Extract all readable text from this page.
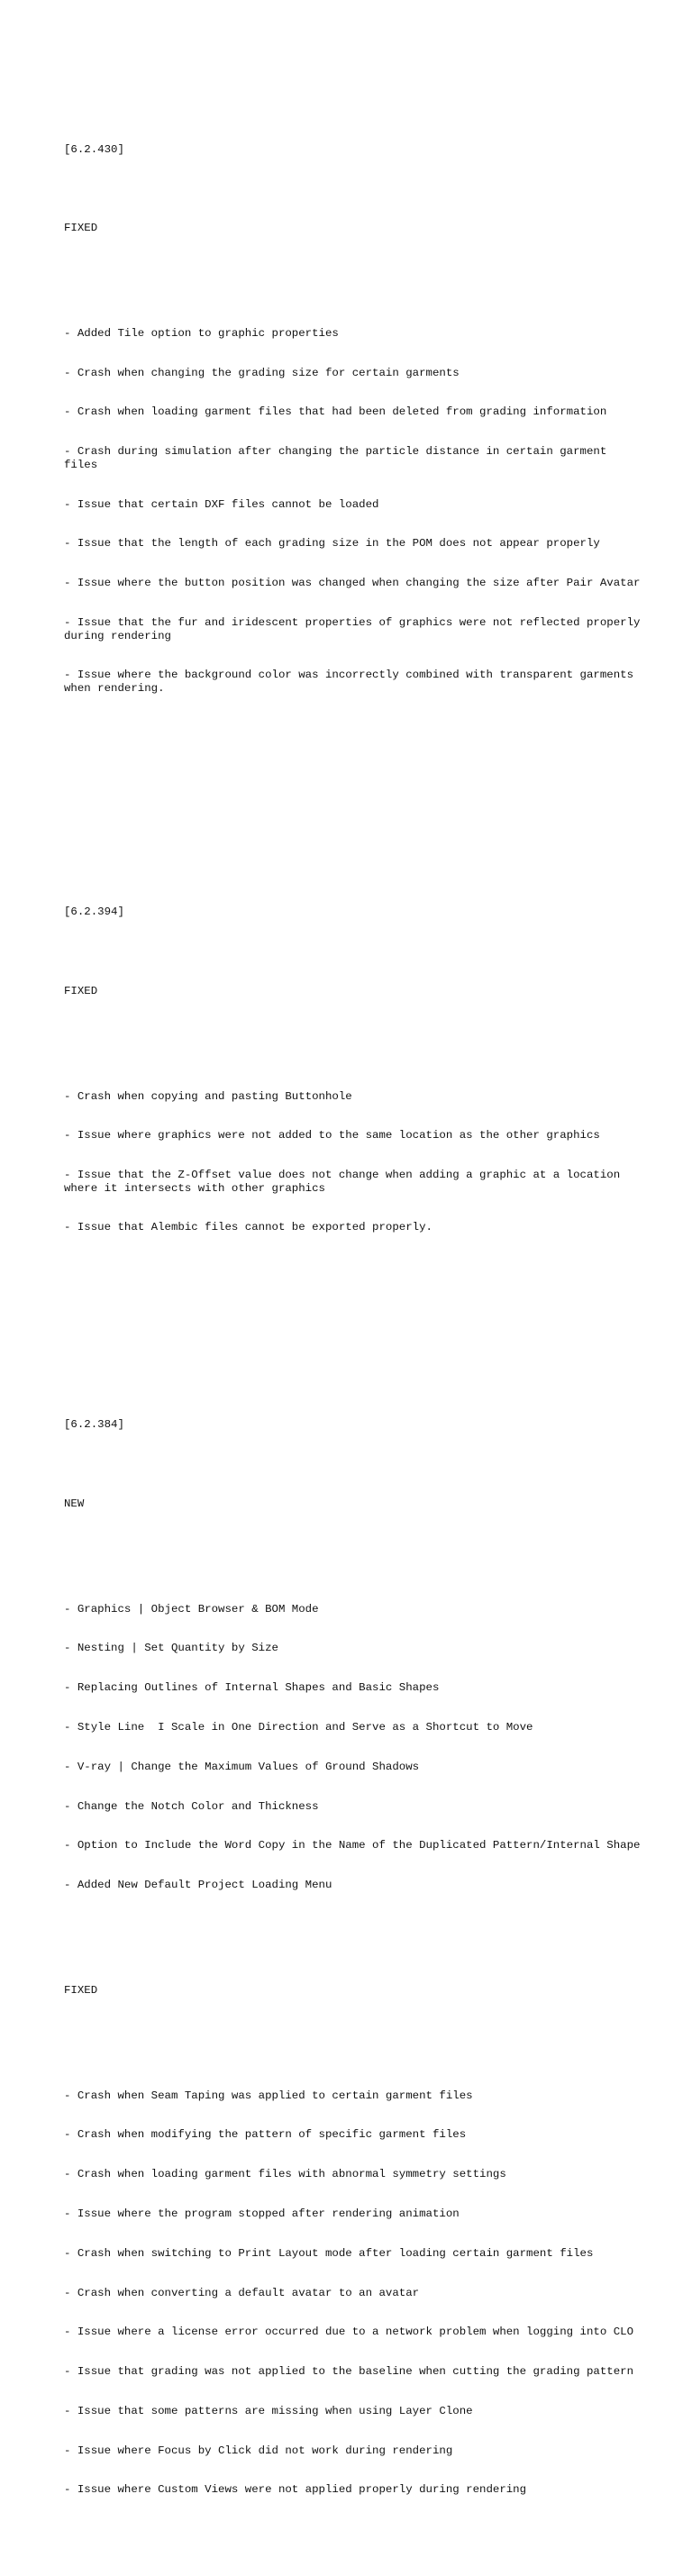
[6.2.430]

FIXED

- Added Tile option to graphic properties

- Crash when changing the grading size for certain garments

- Crash when loading garment files that had been deleted from grading information

- Crash during simulation after changing the particle distance in certain garment files

- Issue that certain DXF files cannot be loaded

- Issue that the length of each grading size in the POM does not appear properly

- Issue where the button position was changed when changing the size after Pair Avatar

- Issue that the fur and iridescent properties of graphics were not reflected properly during rendering

- Issue where the background color was incorrectly combined with transparent garments when rendering.

[6.2.394]

FIXED

- Crash when copying and pasting Buttonhole

- Issue where graphics were not added to the same location as the other graphics

- Issue that the Z-Offset value does not change when adding a graphic at a location where it intersects with other graphics

- Issue that Alembic files cannot be exported properly.

[6.2.384]

NEW

- Graphics | Object Browser & BOM Mode

- Nesting | Set Quantity by Size

- Replacing Outlines of Internal Shapes and Basic Shapes

- Style Line  I Scale in One Direction and Serve as a Shortcut to Move

- V-ray | Change the Maximum Values of Ground Shadows

- Change the Notch Color and Thickness

- Option to Include the Word Copy in the Name of the Duplicated Pattern/Internal Shape

- Added New Default Project Loading Menu

FIXED

- Crash when Seam Taping was applied to certain garment files

- Crash when modifying the pattern of specific garment files

- Crash when loading garment files with abnormal symmetry settings

- Issue where the program stopped after rendering animation

- Crash when switching to Print Layout mode after loading certain garment files

- Crash when converting a default avatar to an avatar

- Issue where a license error occurred due to a network problem when logging into CLO

- Issue that grading was not applied to the baseline when cutting the grading pattern

- Issue that some patterns are missing when using Layer Clone

- Issue where Focus by Click did not work during rendering

- Issue where Custom Views were not applied properly during rendering
